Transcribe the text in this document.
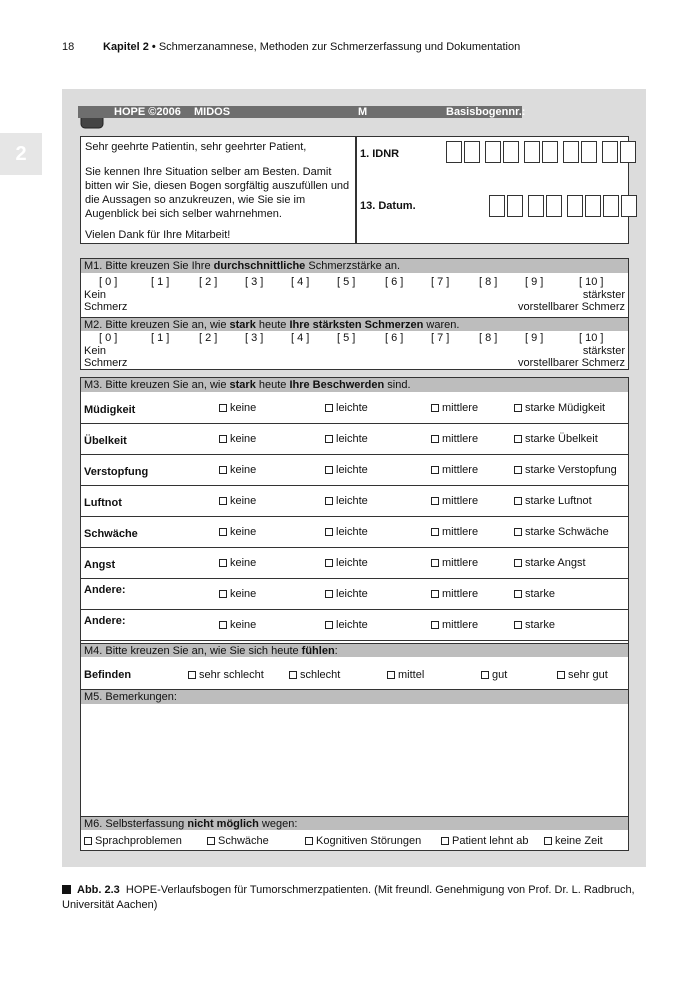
18	Kapitel 2 • Schmerzanamnese, Methoden zur Schmerzerfassung und Dokumentation
2
HOPE ©2006 MIDOS	M	Basisbogennr.:

Sehr geehrte Patientin, sehr geehrter Patient,

Sie kennen Ihre Situation selber am Besten. Damit bitten wir Sie, diesen Bogen sorgfältig auszufüllen und die Aussagen so anzukreuzen, wie Sie sie im Augenblick bei sich selber wahrnehmen.

Vielen Dank für Ihre Mitarbeit!

1. IDNR
13. Datum.
M1. Bitte kreuzen Sie Ihre durchschnittliche Schmerzstärke an.
[ 0 ]	[ 1 ]	[ 2 ]	[ 3 ]	[ 4 ]	[ 5 ]	[ 6 ]	[ 7 ]	[ 8 ]	[ 9 ]	[ 10 ]
Kein
Schmerz
stärkster
vorstellbarer Schmerz
M2. Bitte kreuzen Sie an, wie stark heute Ihre stärksten Schmerzen waren.
[ 0 ]	[ 1 ]	[ 2 ]	[ 3 ]	[ 4 ]	[ 5 ]	[ 6 ]	[ 7 ]	[ 8 ]	[ 9 ]	[ 10 ]
Kein
Schmerz
stärkster
vorstellbarer Schmerz
M3. Bitte kreuzen Sie an, wie stark heute Ihre Beschwerden sind.
Müdigkeit	keine	leichte	mittlere	starke Müdigkeit
Übelkeit	keine	leichte	mittlere	starke Übelkeit
Verstopfung	keine	leichte	mittlere	starke Verstopfung
Luftnot	keine	leichte	mittlere	starke Luftnot
Schwäche	keine	leichte	mittlere	starke Schwäche
Angst	keine	leichte	mittlere	starke Angst
Andere:	keine	leichte	mittlere	starke
Andere:	keine	leichte	mittlere	starke
M4. Bitte kreuzen Sie an, wie Sie sich heute fühlen:
Befinden	sehr schlecht	schlecht	mittel	gut	sehr gut
M5. Bemerkungen:
M6. Selbsterfassung nicht möglich wegen:
Sprachproblemen	Schwäche	Kognitiven Störungen	Patient lehnt ab	keine Zeit
Abb. 2.3 HOPE-Verlaufsbogen für Tumorschmerzpatienten. (Mit freundl. Genehmigung von Prof. Dr. L. Radbruch, Universität Aachen)
